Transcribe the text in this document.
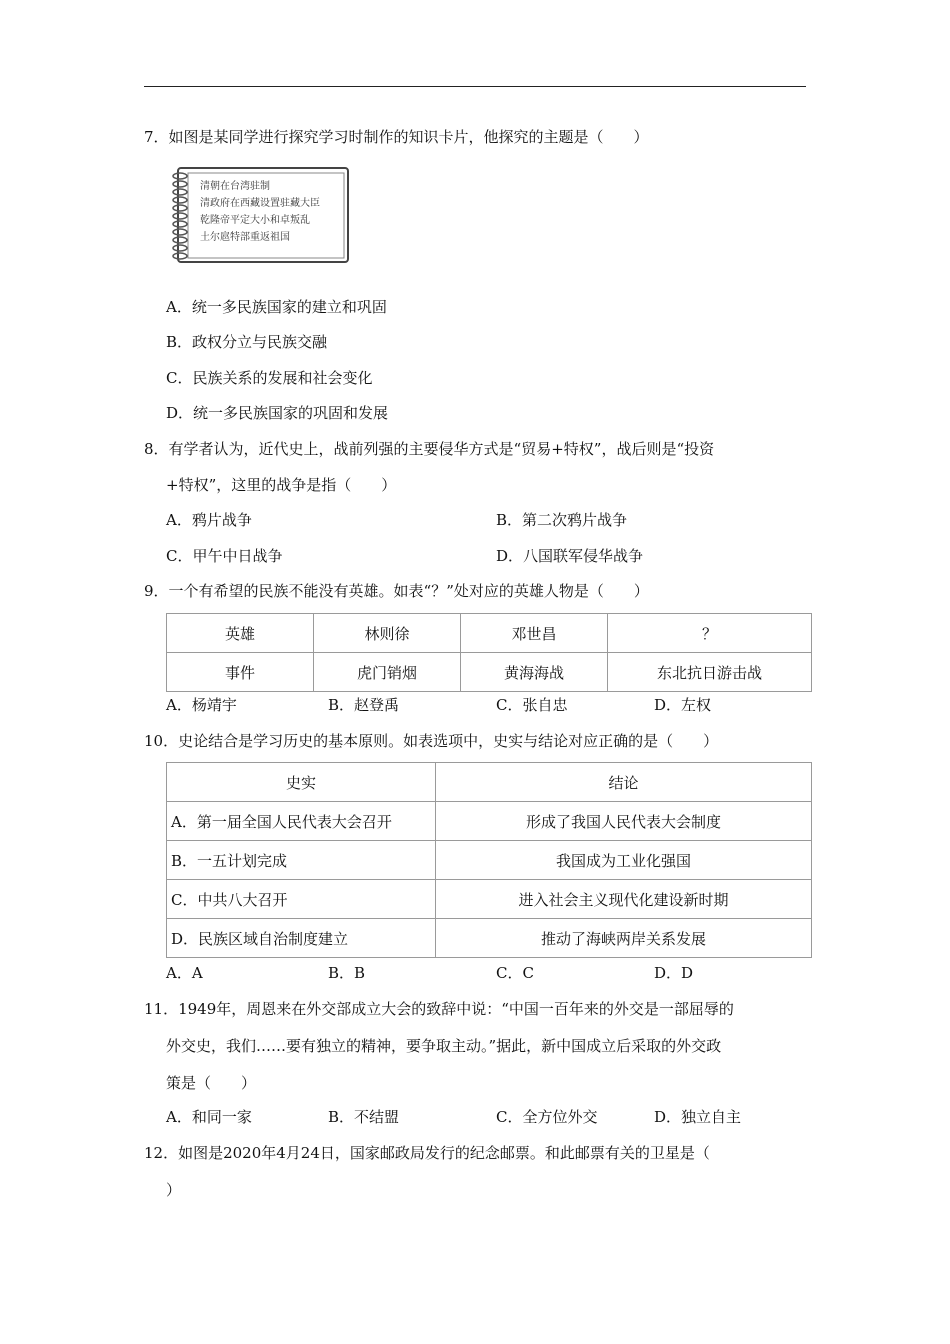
7．如图是某同学进行探究学习时制作的知识卡片，他探究的主题是（　　）
清朝在台湾驻制
清政府在西藏设置驻藏大臣
乾隆帝平定大小和卓叛乱
土尔扈特部重返祖国
A．统一多民族国家的建立和巩固
B．政权分立与民族交融
C．民族关系的发展和社会变化
D．统一多民族国家的巩固和发展
8．有学者认为，近代史上，战前列强的主要侵华方式是“贸易+特权”，战后则是“投资
+特权”，这里的战争是指（　　）
A．鸦片战争	B．第二次鸦片战争
C．甲午中日战争	D．八国联军侵华战争
9．一个有希望的民族不能没有英雄。如表“？”处对应的英雄人物是（　　）
英雄	林则徐	邓世昌	？
事件	虎门销烟	黄海海战	东北抗日游击战
A．杨靖宇	B．赵登禹	C．张自忠	D．左权
10．史论结合是学习历史的基本原则。如表选项中，史实与结论对应正确的是（　　）
史实	结论
A．第一届全国人民代表大会召开	形成了我国人民代表大会制度
B．一五计划完成	我国成为工业化强国
C．中共八大召开	进入社会主义现代化建设新时期
D．民族区域自治制度建立	推动了海峡两岸关系发展
A．A	B．B	C．C	D．D
11．1949年，周恩来在外交部成立大会的致辞中说：“中国一百年来的外交是一部屈辱的
外交史，我们……要有独立的精神，要争取主动。”据此，新中国成立后采取的外交政
策是（　　）
A．和同一家	B．不结盟	C．全方位外交	D．独立自主
12．如图是2020年4月24日，国家邮政局发行的纪念邮票。和此邮票有关的卫星是（
）
